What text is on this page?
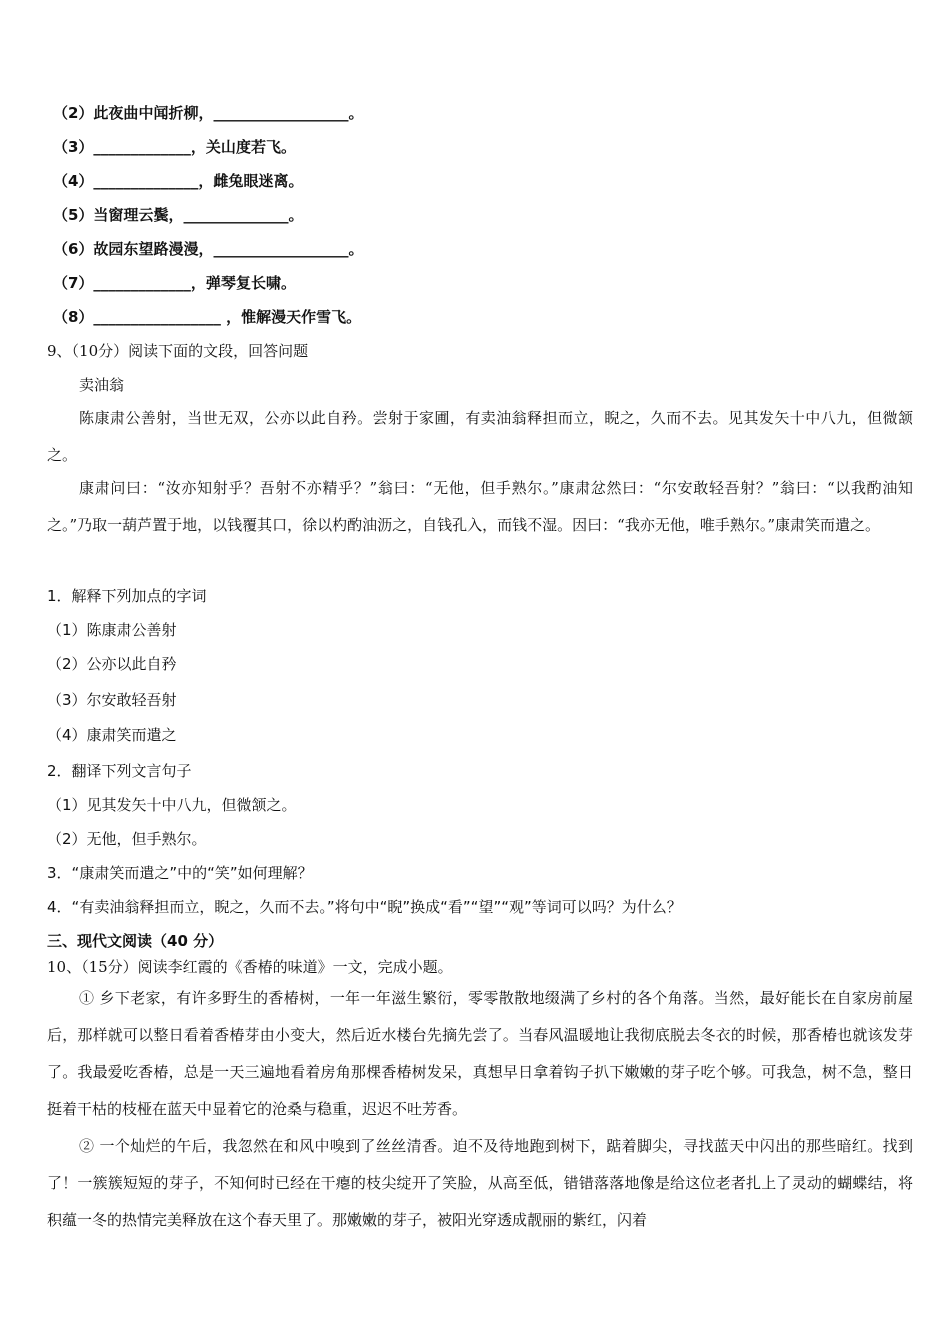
（2）此夜曲中闻折柳，__________________。
（3）_____________，关山度若飞。
（4）______________，雌兔眼迷离。
（5）当窗理云鬓，______________。
（6）故园东望路漫漫，__________________。
（7）_____________，弹琴复长啸。
（8）_________________ ，惟解漫天作雪飞。
9、（10分）阅读下面的文段，回答问题
卖油翁
陈康肃公善射，当世无双，公亦以此自矜。尝射于家圃，有卖油翁释担而立，睨之，久而不去。见其发矢十中八九，但微颔之。
康肃问曰：“汝亦知射乎？吾射不亦精乎？”翁曰：“无他，但手熟尔。”康肃忿然曰：“尔安敢轻吾射？”翁曰：“以我酌油知之。”乃取一葫芦置于地，以钱覆其口，徐以杓酌油沥之，自钱孔入，而钱不湿。因曰：“我亦无他，唯手熟尔。”康肃笑而遣之。
1．解释下列加点的字词
（1）陈康肃公善射
（2）公亦以此自矜
（3）尔安敢轻吾射
（4）康肃笑而遣之
2．翻译下列文言句子
（1）见其发矢十中八九，但微颔之。
（2）无他，但手熟尔。
3．“康肃笑而遣之”中的“笑”如何理解？
4．“有卖油翁释担而立，睨之，久而不去。”将句中“睨”换成“看”“望”“观”等词可以吗？为什么？
三、现代文阅读（40 分）
10、（15分）阅读李红霞的《香椿的味道》一文，完成小题。
① 乡下老家，有许多野生的香椿树，一年一年滋生繁衍，零零散散地缀满了乡村的各个角落。当然，最好能长在自家房前屋后，那样就可以整日看着香椿芽由小变大，然后近水楼台先摘先尝了。当春风温暖地让我彻底脱去冬衣的时候，那香椿也就该发芽了。我最爱吃香椿，总是一天三遍地看着房角那棵香椿树发呆，真想早日拿着钩子扒下嫩嫩的芽子吃个够。可我急，树不急，整日挺着干枯的枝桠在蓝天中显着它的沧桑与稳重，迟迟不吐芳香。
② 一个灿烂的午后，我忽然在和风中嗅到了丝丝清香。迫不及待地跑到树下，踮着脚尖，寻找蓝天中闪出的那些暗红。找到了！一簇簇短短的芽子，不知何时已经在干瘪的枝尖绽开了笑脸，从高至低，错错落落地像是给这位老者扎上了灵动的蝴蝶结，将积蕴一冬的热情完美释放在这个春天里了。那嫩嫩的芽子，被阳光穿透成靓丽的紫红，闪着
